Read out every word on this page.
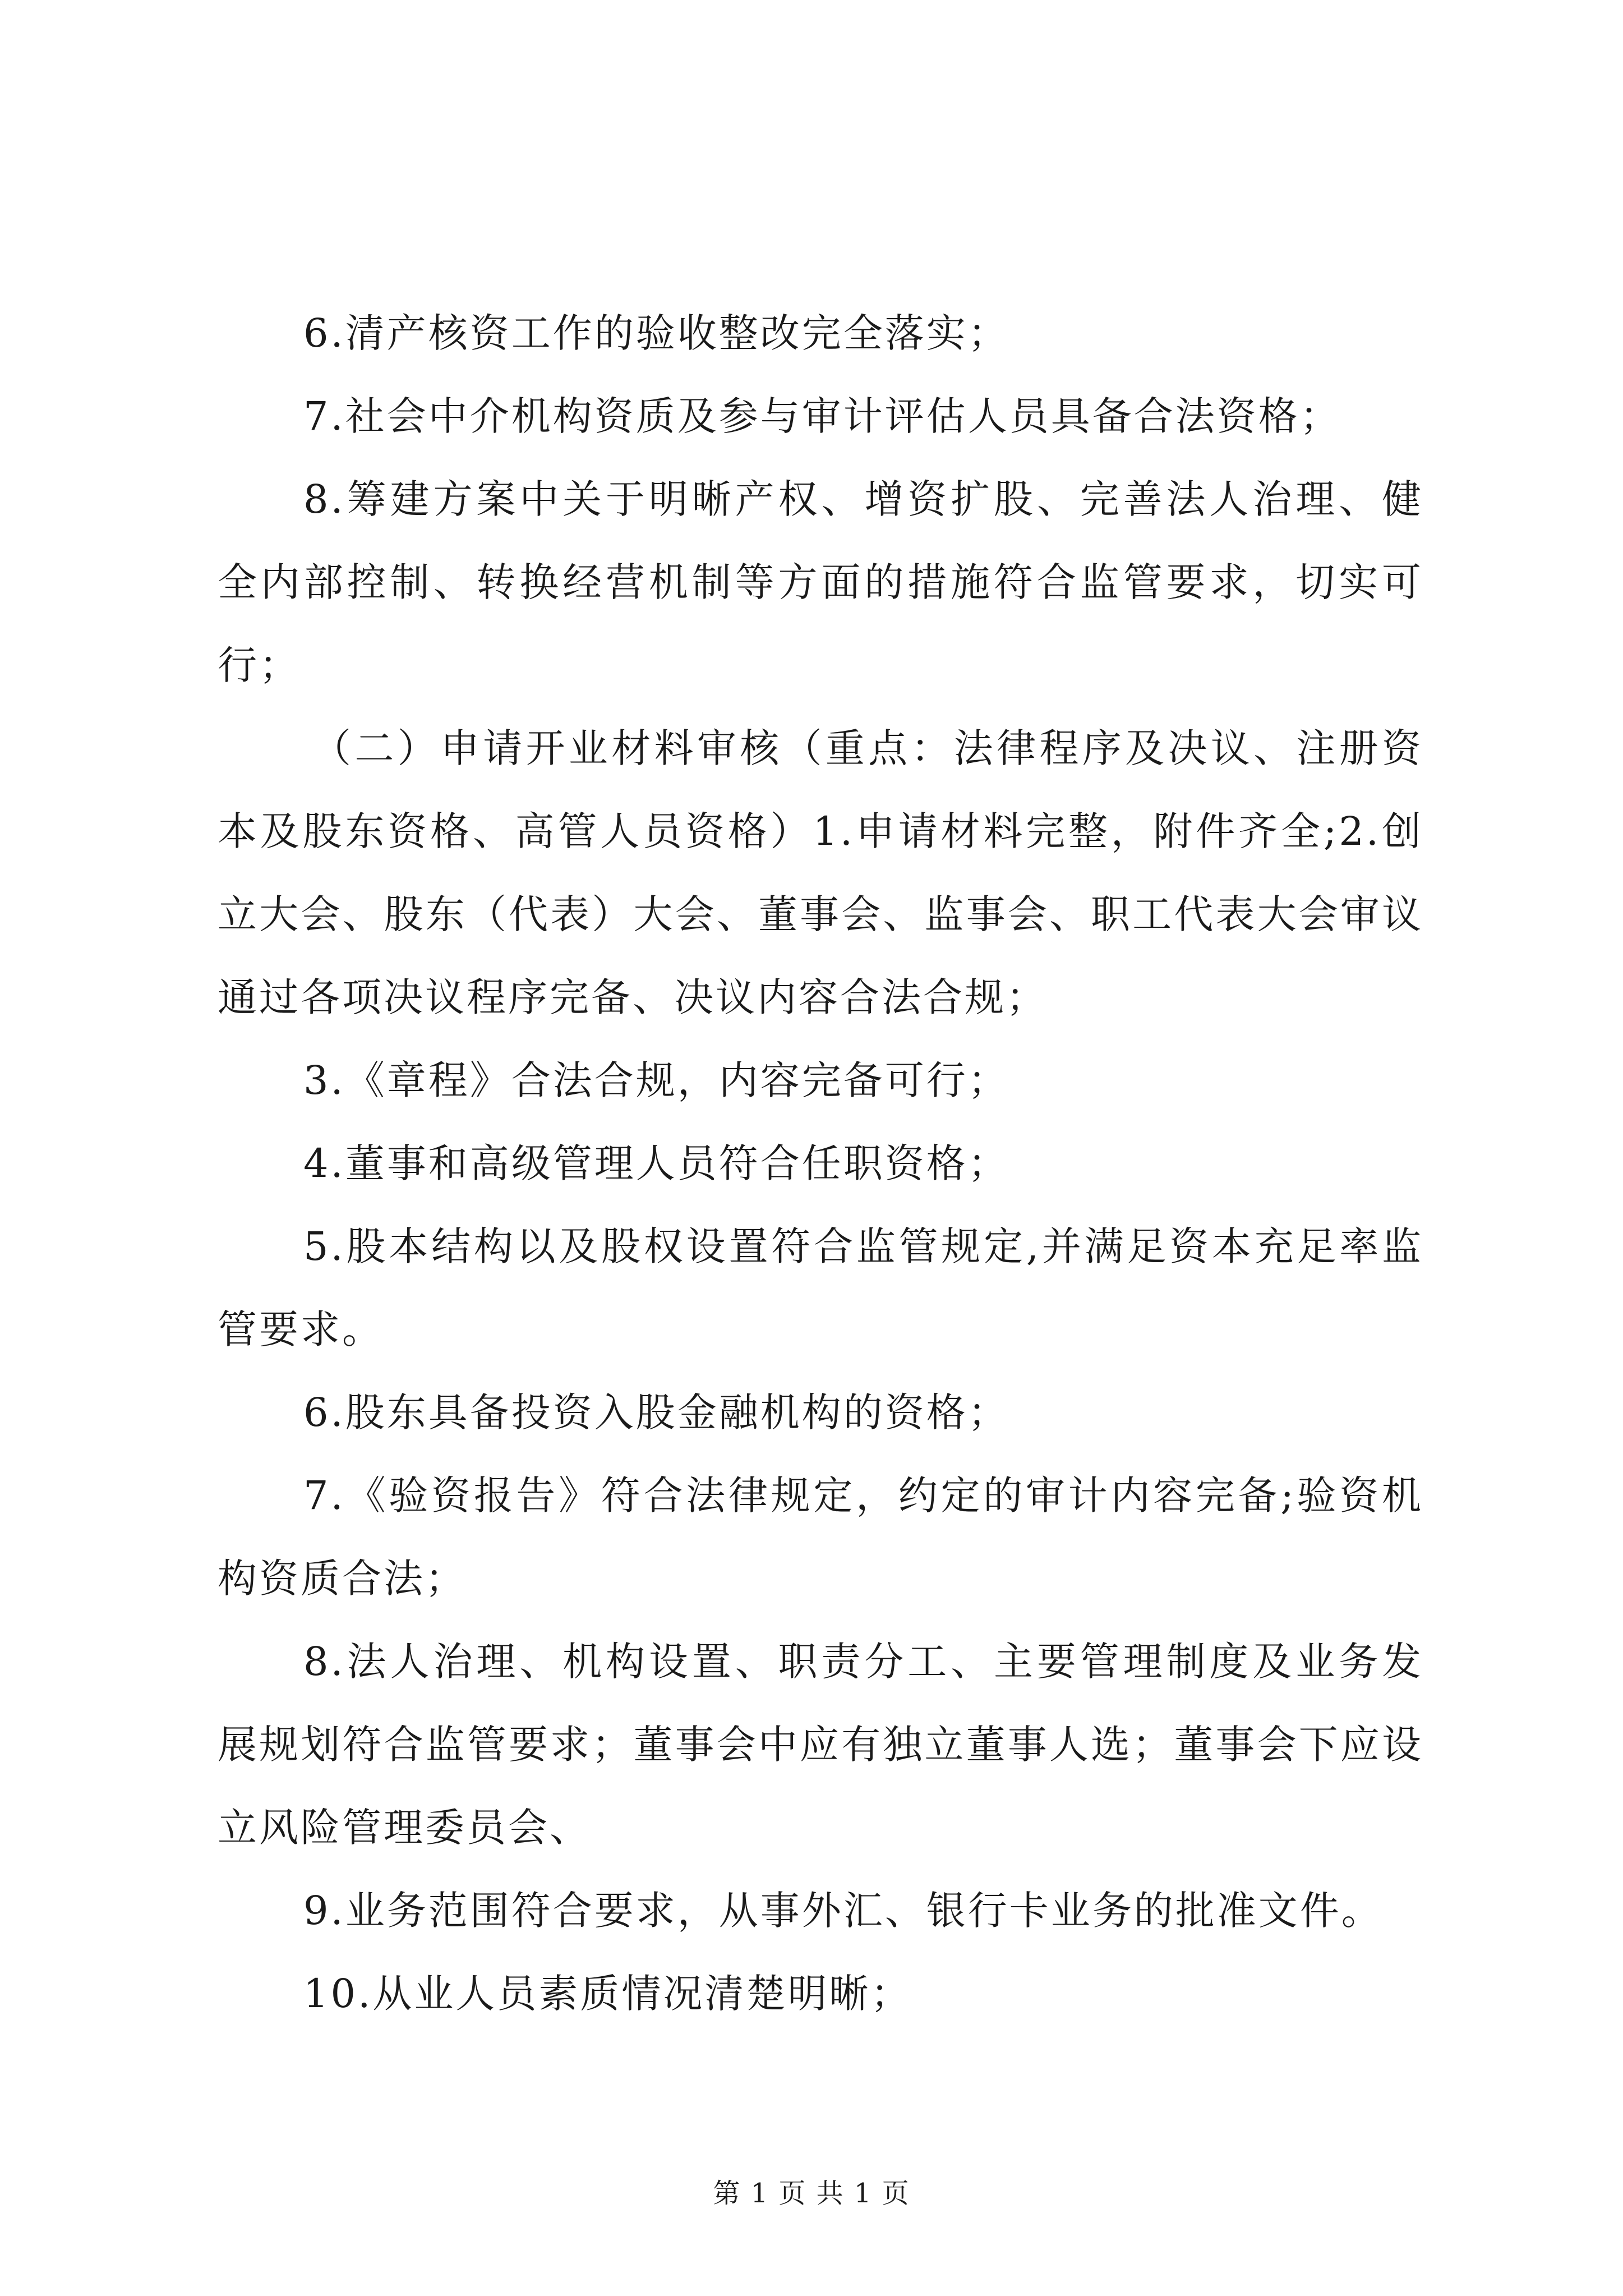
6.清产核资工作的验收整改完全落实；

7.社会中介机构资质及参与审计评估人员具备合法资格；

8.筹建方案中关于明晰产权、增资扩股、完善法人治理、健全内部控制、转换经营机制等方面的措施符合监管要求，切实可行；

（二）申请开业材料审核（重点：法律程序及决议、注册资本及股东资格、高管人员资格）1.申请材料完整，附件齐全;2.创立大会、股东（代表）大会、董事会、监事会、职工代表大会审议通过各项决议程序完备、决议内容合法合规；

3.《章程》合法合规，内容完备可行；

4.董事和高级管理人员符合任职资格；

5.股本结构以及股权设置符合监管规定,并满足资本充足率监管要求。

6.股东具备投资入股金融机构的资格；

7.《验资报告》符合法律规定，约定的审计内容完备;验资机构资质合法；

8.法人治理、机构设置、职责分工、主要管理制度及业务发展规划符合监管要求；董事会中应有独立董事人选；董事会下应设立风险管理委员会、

9.业务范围符合要求，从事外汇、银行卡业务的批准文件。

10.从业人员素质情况清楚明晰；

第 1 页 共 1 页
